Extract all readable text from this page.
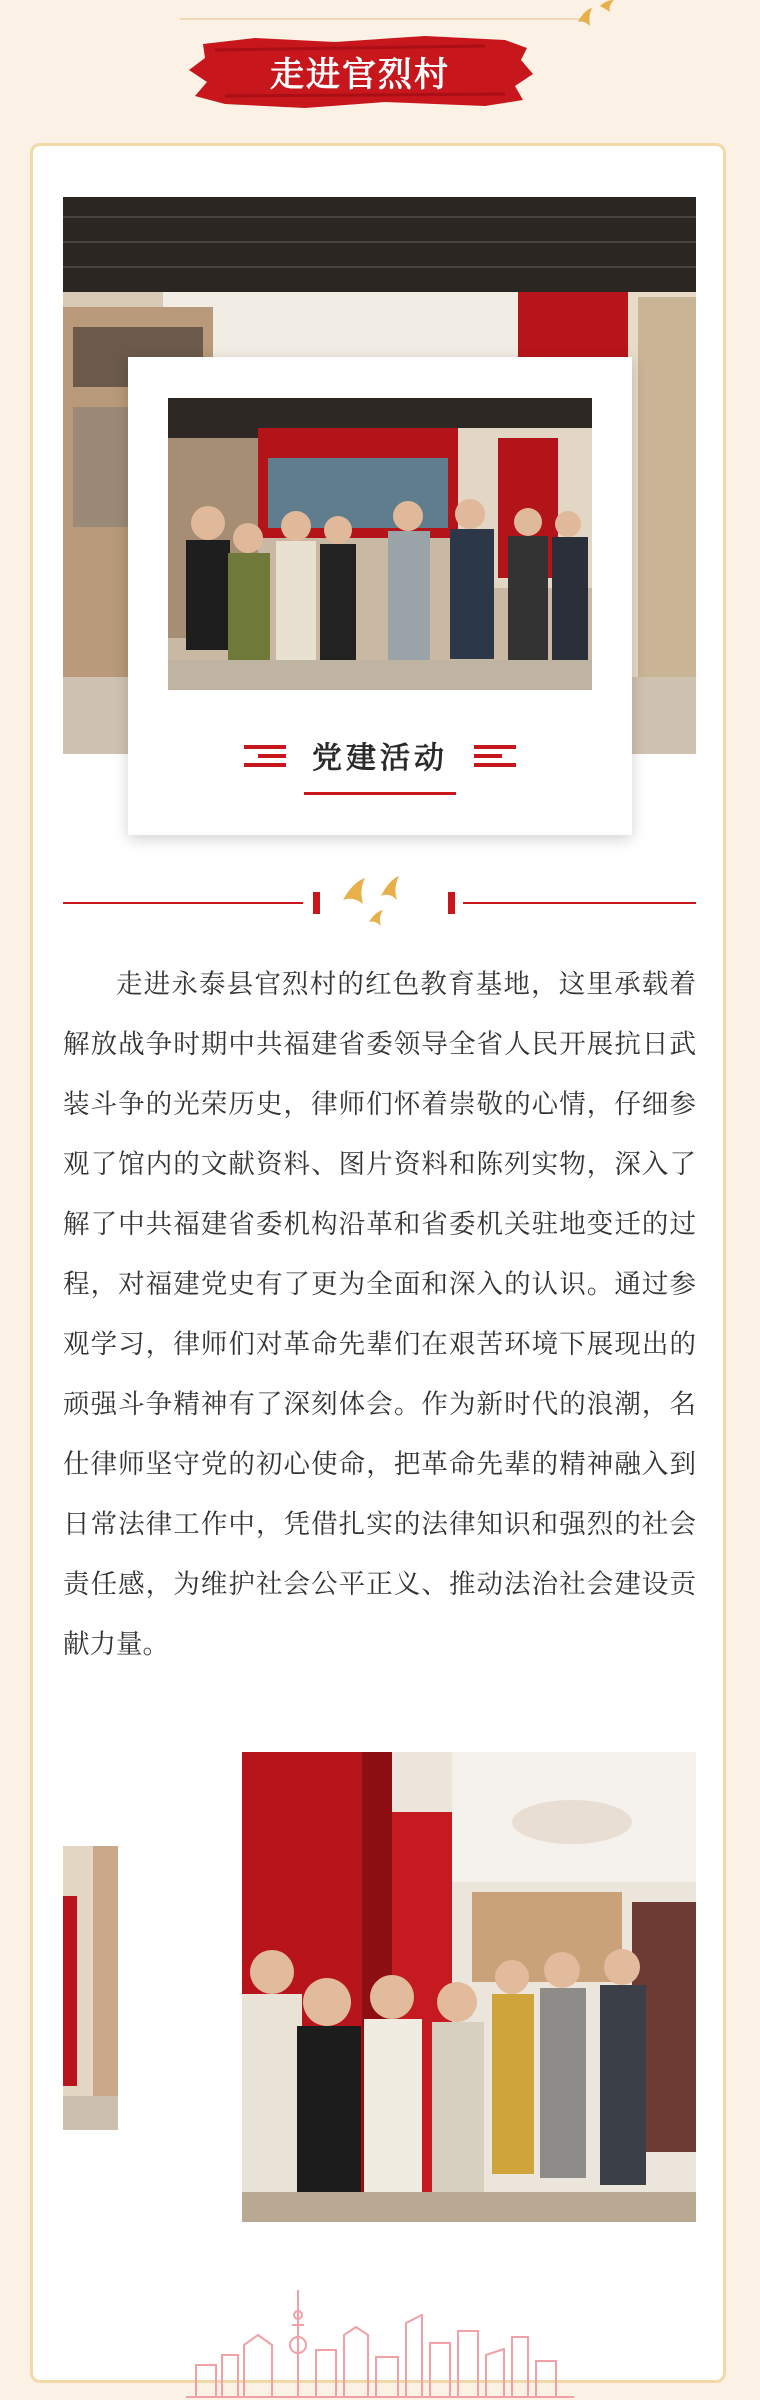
走进官烈村
党建活动

走进永泰县官烈村的红色教育基地，这里承载着解放战争时期中共福建省委领导全省人民开展抗日武装斗争的光荣历史，律师们怀着崇敬的心情，仔细参观了馆内的文献资料、图片资料和陈列实物，深入了解了中共福建省委机构沿革和省委机关驻地变迁的过程，对福建党史有了更为全面和深入的认识。通过参观学习，律师们对革命先辈们在艰苦环境下展现出的顽强斗争精神有了深刻体会。作为新时代的浪潮，名仕律师坚守党的初心使命，把革命先辈的精神融入到日常法律工作中，凭借扎实的法律知识和强烈的社会责任感，为维护社会公平正义、推动法治社会建设贡献力量。
